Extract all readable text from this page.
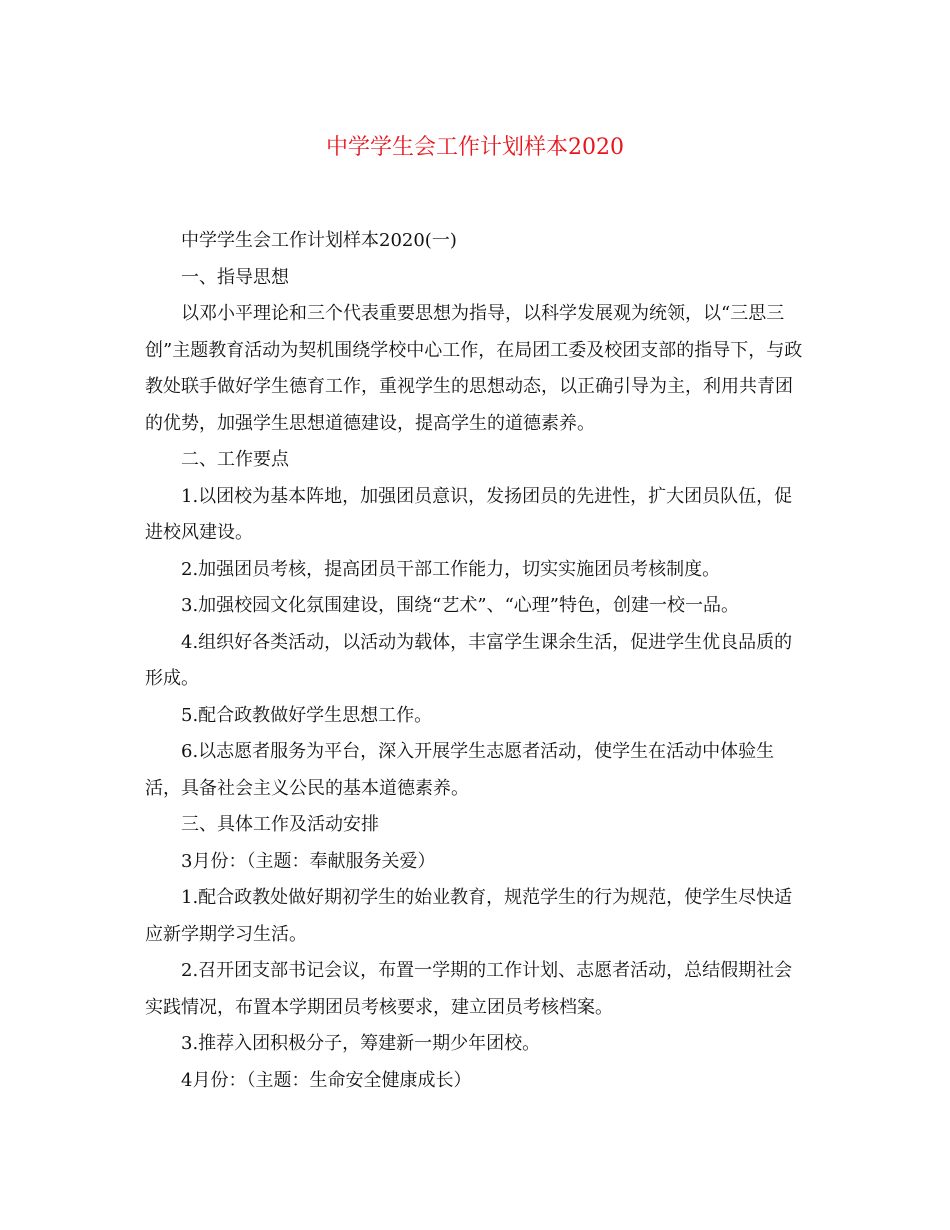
中学学生会工作计划样本2020

中学学生会工作计划样本2020(一)

一、指导思想

以邓小平理论和三个代表重要思想为指导，以科学发展观为统领，以“三思三创”主题教育活动为契机围绕学校中心工作，在局团工委及校团支部的指导下，与政教处联手做好学生德育工作，重视学生的思想动态，以正确引导为主，利用共青团的优势，加强学生思想道德建设，提高学生的道德素养。

二、工作要点

1.以团校为基本阵地，加强团员意识，发扬团员的先进性，扩大团员队伍，促进校风建设。

2.加强团员考核，提高团员干部工作能力，切实实施团员考核制度。

3.加强校园文化氛围建设，围绕“艺术”、“心理”特色，创建一校一品。

4.组织好各类活动，以活动为载体，丰富学生课余生活，促进学生优良品质的形成。

5.配合政教做好学生思想工作。

6.以志愿者服务为平台，深入开展学生志愿者活动，使学生在活动中体验生活，具备社会主义公民的基本道德素养。

三、具体工作及活动安排

3月份：（主题：奉献服务关爱）

1.配合政教处做好期初学生的始业教育，规范学生的行为规范，使学生尽快适应新学期学习生活。

2.召开团支部书记会议，布置一学期的工作计划、志愿者活动，总结假期社会实践情况，布置本学期团员考核要求，建立团员考核档案。

3.推荐入团积极分子，筹建新一期少年团校。

4月份：（主题：生命安全健康成长）
